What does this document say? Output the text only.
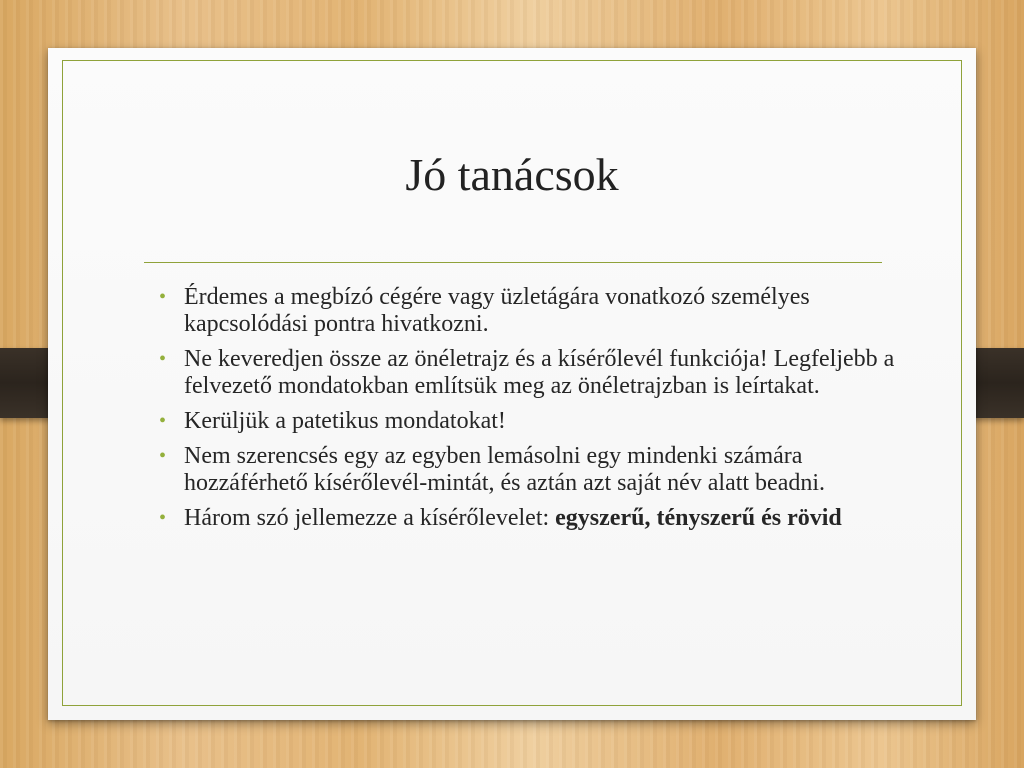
Jó tanácsok
• Érdemes a megbízó cégére vagy üzletágára vonatkozó személyes kapcsolódási pontra hivatkozni.
• Ne keveredjen össze az önéletrajz és a kísérőlevél funkciója! Legfeljebb a felvezető mondatokban említsük meg az önéletrajzban is leírtakat.
• Kerüljük a patetikus mondatokat!
• Nem szerencsés egy az egyben lemásolni egy mindenki számára hozzáférhető kísérőlevél-mintát, és aztán azt saját név alatt beadni.
• Három szó jellemezze a kísérőlevelet: egyszerű, tényszerű és rövid
